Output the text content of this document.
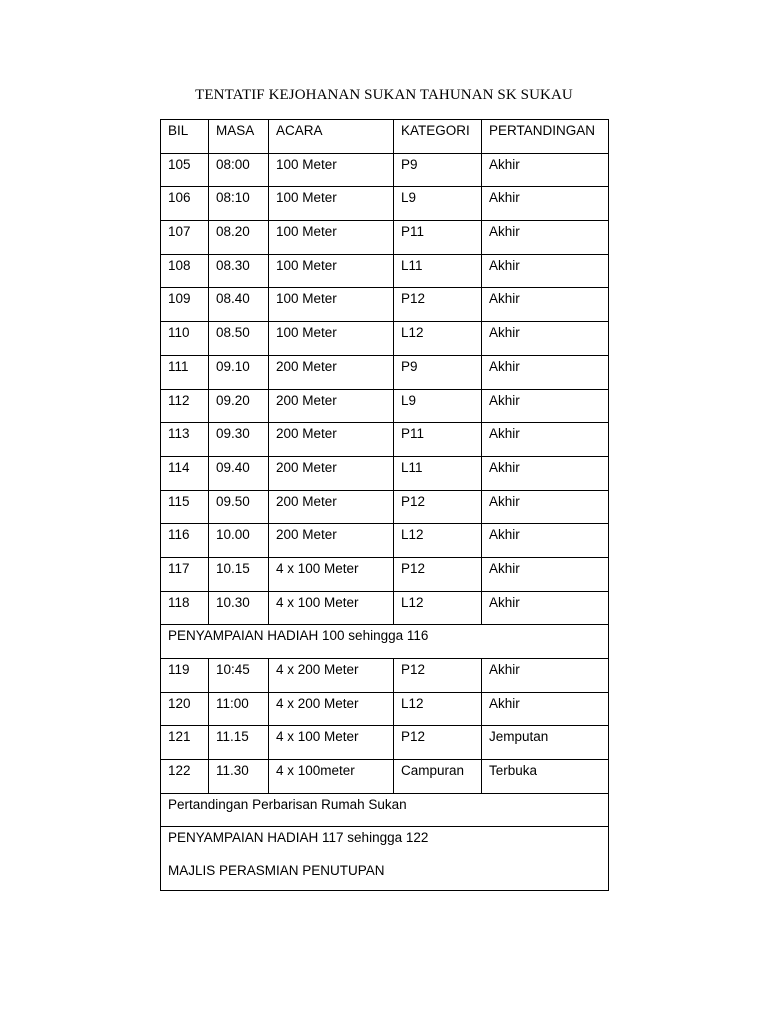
TENTATIF KEJOHANAN SUKAN TAHUNAN SK SUKAU
BIL	MASA	ACARA	KATEGORI	PERTANDINGAN
105	08:00	100 Meter	P9	Akhir
106	08:10	100 Meter	L9	Akhir
107	08.20	100 Meter	P11	Akhir
108	08.30	100 Meter	L11	Akhir
109	08.40	100 Meter	P12	Akhir
110	08.50	100 Meter	L12	Akhir
111	09.10	200 Meter	P9	Akhir
112	09.20	200 Meter	L9	Akhir
113	09.30	200 Meter	P11	Akhir
114	09.40	200 Meter	L11	Akhir
115	09.50	200 Meter	P12	Akhir
116	10.00	200 Meter	L12	Akhir
117	10.15	4 x 100 Meter	P12	Akhir
118	10.30	4 x 100 Meter	L12	Akhir
PENYAMPAIAN HADIAH 100 sehingga 116				
119	10:45	4 x 200 Meter	P12	Akhir
120	11:00	4 x 200 Meter	L12	Akhir
121	11.15	4 x 100 Meter	P12	Jemputan
122	11.30	4 x 100meter	Campuran	Terbuka
Pertandingan Perbarisan Rumah Sukan				

PENYAMPAIAN HADIAH 117 sehingga 122
MAJLIS PERASMIAN PENUTUPAN				
